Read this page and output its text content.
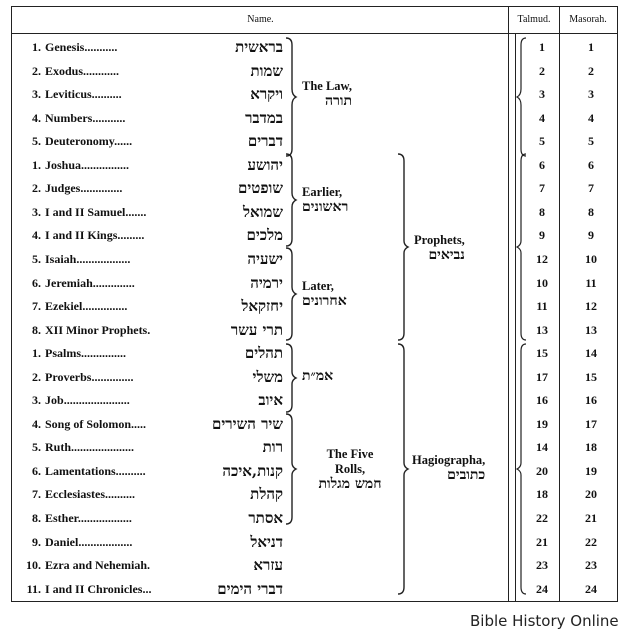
Name.	Talmud.	Masorah.
1. Genesis...........	בראשית	1	1
2. Exodus............	שמות	2	2
3. Leviticus..........	ויקרא	3	3
4. Numbers...........	במדבר	4	4
5. Deuteronomy......	דברים	5	5
1. Joshua................	יהושע	6	6
2. Judges..............	שופטים	7	7
3. I and II Samuel.......	שמואל	8	8
4. I and II Kings.........	מלכים	9	9
5. Isaiah..................	ישעיה	12	10
6. Jeremiah..............	ירמיה	10	11
7. Ezekiel...............	יחזקאל	11	12
8. XII Minor Prophets.	תרי עשר	13	13
1. Psalms...............	תהלים	15	14
2. Proverbs..............	משלי	17	15
3. Job......................	איוב	16	16
4. Song of Solomon.....	שיר השירים	19	17
5. Ruth.....................	רות	14	18
6. Lamentations..........	קנות,איכה	20	19
7. Ecclesiastes..........	קהלת	18	20
8. Esther..................	אסתר	22	21
9. Daniel..................	דניאל	21	22
10. Ezra and Nehemiah.	עזרא	23	23
11. I and II Chronicles...	דברי הימים	24	24
The Law,
תורה
Earlier,
ראשונים
Later,
אחרונים
Prophets,
נביאים
אמ״ת
The Five
Rolls,
חמש מגלות
Hagiographa,
כתובים
Bible History Online
